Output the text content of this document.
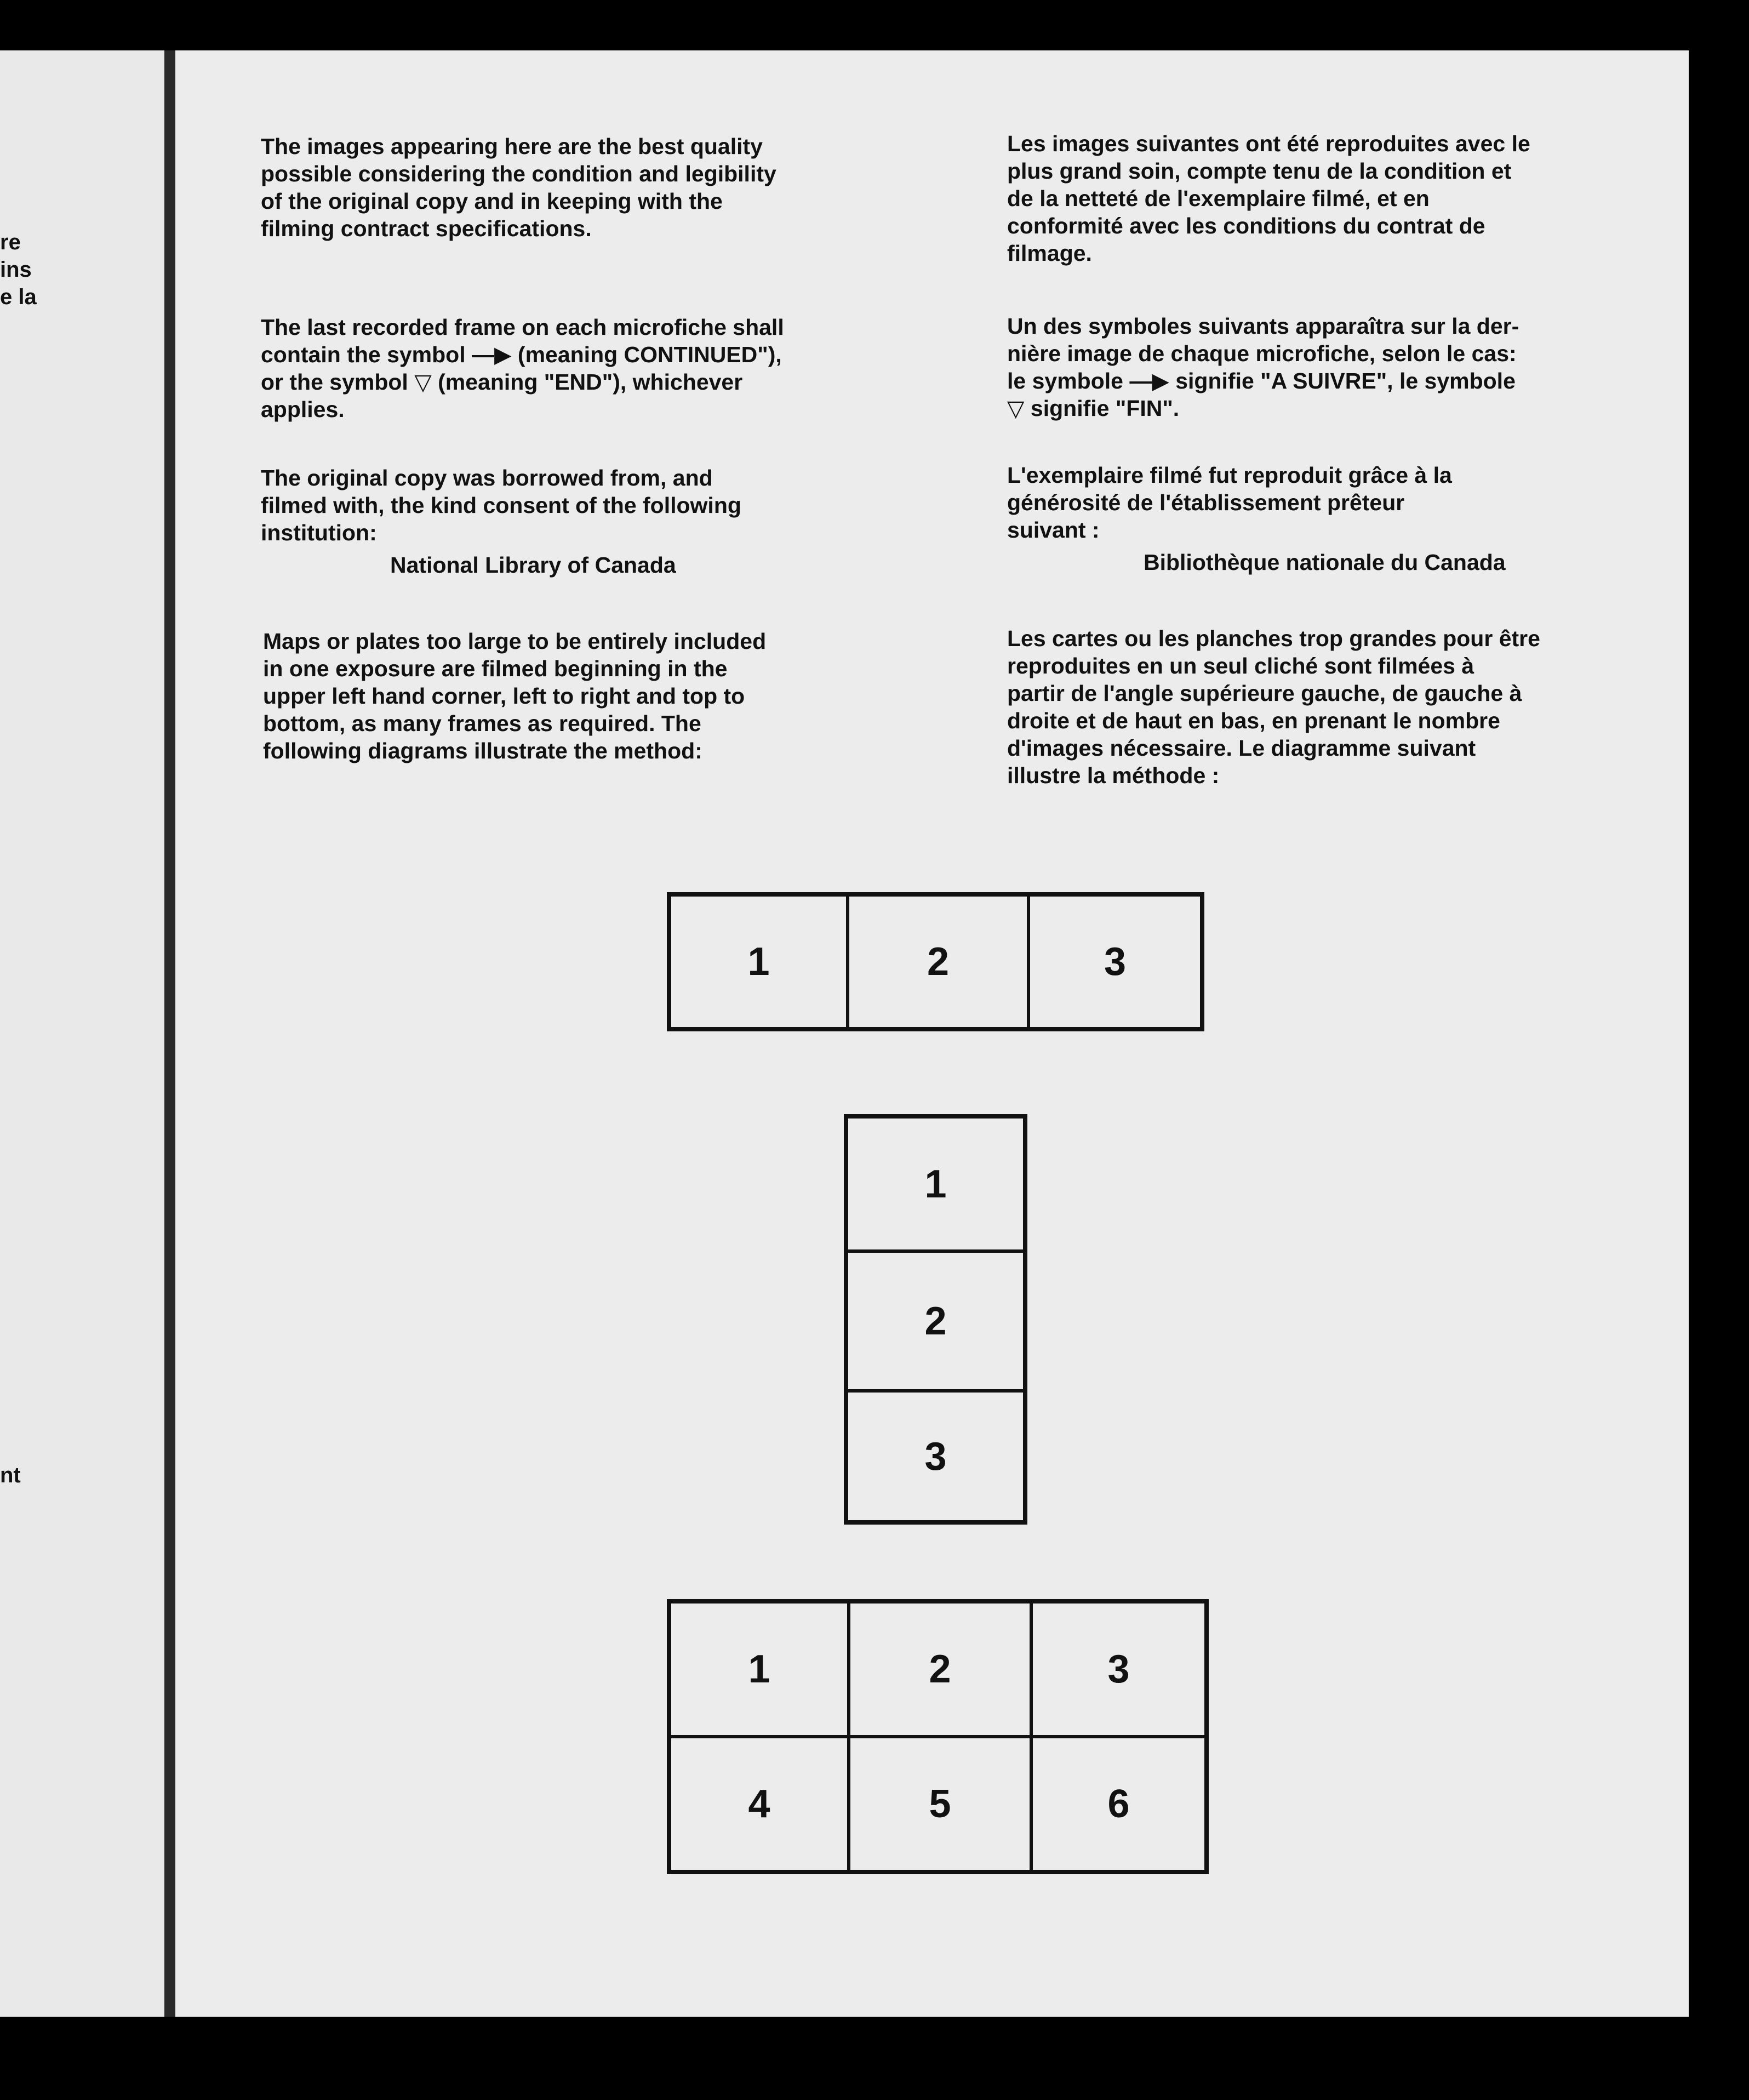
re
ins
e la
nt

The images appearing here are the best quality
possible considering the condition and legibility
of the original copy and in keeping with the
filming contract specifications.

The last recorded frame on each microfiche shall
contain the symbol —▶ (meaning CONTINUED"),
or the symbol ▽ (meaning "END"), whichever
applies.

The original copy was borrowed from, and
filmed with, the kind consent of the following
institution:

National Library of Canada

Maps or plates too large to be entirely included
in one exposure are filmed beginning in the
upper left hand corner, left to right and top to
bottom, as many frames as required. The
following diagrams illustrate the method:

Les images suivantes ont été reproduites avec le
plus grand soin, compte tenu de la condition et
de la netteté de l'exemplaire filmé, et en
conformité avec les conditions du contrat de
filmage.

Un des symboles suivants apparaîtra sur la der-
nière image de chaque microfiche, selon le cas:
le symbole —▶ signifie "A SUIVRE", le symbole
▽ signifie "FIN".

L'exemplaire filmé fut reproduit grâce à la
générosité de l'établissement prêteur
suivant :

Bibliothèque nationale du Canada

Les cartes ou les planches trop grandes pour être
reproduites en un seul cliché sont filmées à
partir de l'angle supérieure gauche, de gauche à
droite et de haut en bas, en prenant le nombre
d'images nécessaire. Le diagramme suivant
illustre la méthode :

1	2	3
1
2
3
1	2	3
4	5	6
